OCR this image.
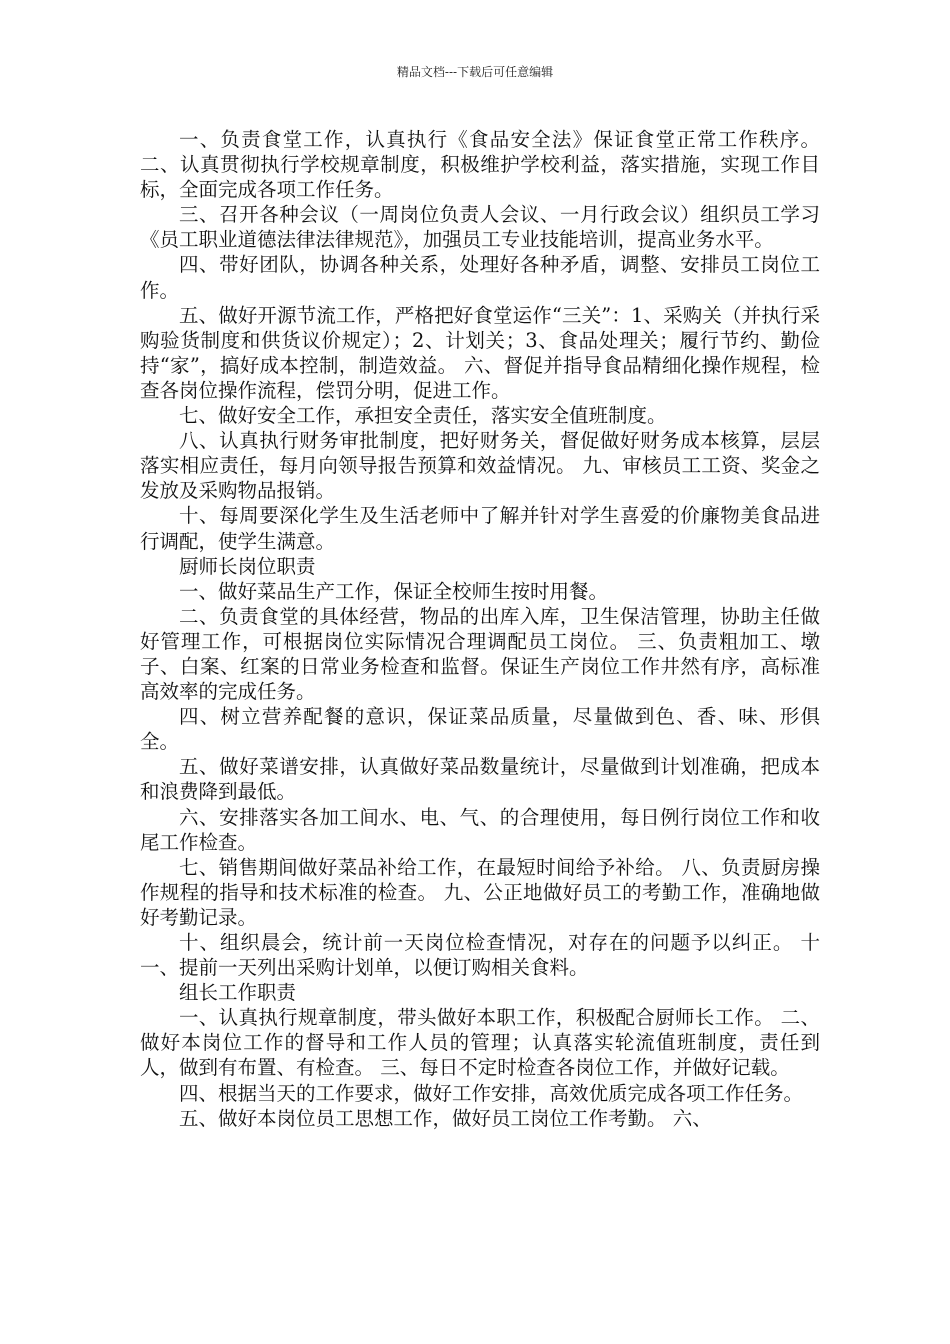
精品文档---下载后可任意编辑

一、负责食堂工作，认真执行《食品安全法》保证食堂正常工作秩序。 二、认真贯彻执行学校规章制度，积极维护学校利益，落实措施，实现工作目标，全面完成各项工作任务。

三、召开各种会议（一周岗位负责人会议、一月行政会议）组织员工学习《员工职业道德法律法律规范》，加强员工专业技能培训，提高业务水平。

四、带好团队，协调各种关系，处理好各种矛盾，调整、安排员工岗位工作。

五、做好开源节流工作，严格把好食堂运作“三关”：1、采购关（并执行采购验货制度和供货议价规定）；2、计划关；3、食品处理关；履行节约、勤俭持“家”，搞好成本控制，制造效益。 六、督促并指导食品精细化操作规程，检查各岗位操作流程，偿罚分明，促进工作。

七、做好安全工作，承担安全责任，落实安全值班制度。

八、认真执行财务审批制度，把好财务关，督促做好财务成本核算，层层落实相应责任，每月向领导报告预算和效益情况。 九、审核员工工资、奖金之发放及采购物品报销。

十、每周要深化学生及生活老师中了解并针对学生喜爱的价廉物美食品进行调配，使学生满意。

厨师长岗位职责

一、做好菜品生产工作，保证全校师生按时用餐。

二、负责食堂的具体经营，物品的出库入库，卫生保洁管理，协助主任做好管理工作，可根据岗位实际情况合理调配员工岗位。 三、负责粗加工、墩子、白案、红案的日常业务检查和监督。保证生产岗位工作井然有序，高标准高效率的完成任务。

四、树立营养配餐的意识，保证菜品质量，尽量做到色、香、味、形俱全。

五、做好菜谱安排，认真做好菜品数量统计，尽量做到计划准确，把成本和浪费降到最低。

六、安排落实各加工间水、电、气、的合理使用，每日例行岗位工作和收尾工作检查。

七、销售期间做好菜品补给工作，在最短时间给予补给。 八、负责厨房操作规程的指导和技术标准的检查。 九、公正地做好员工的考勤工作，准确地做好考勤记录。

十、组织晨会，统计前一天岗位检查情况，对存在的问题予以纠正。 十一、提前一天列出采购计划单，以便订购相关食料。

组长工作职责

一、认真执行规章制度，带头做好本职工作，积极配合厨师长工作。 二、做好本岗位工作的督导和工作人员的管理；认真落实轮流值班制度，责任到人，做到有布置、有检查。 三、每日不定时检查各岗位工作，并做好记载。

四、根据当天的工作要求，做好工作安排，高效优质完成各项工作任务。

五、做好本岗位员工思想工作，做好员工岗位工作考勤。 六、
